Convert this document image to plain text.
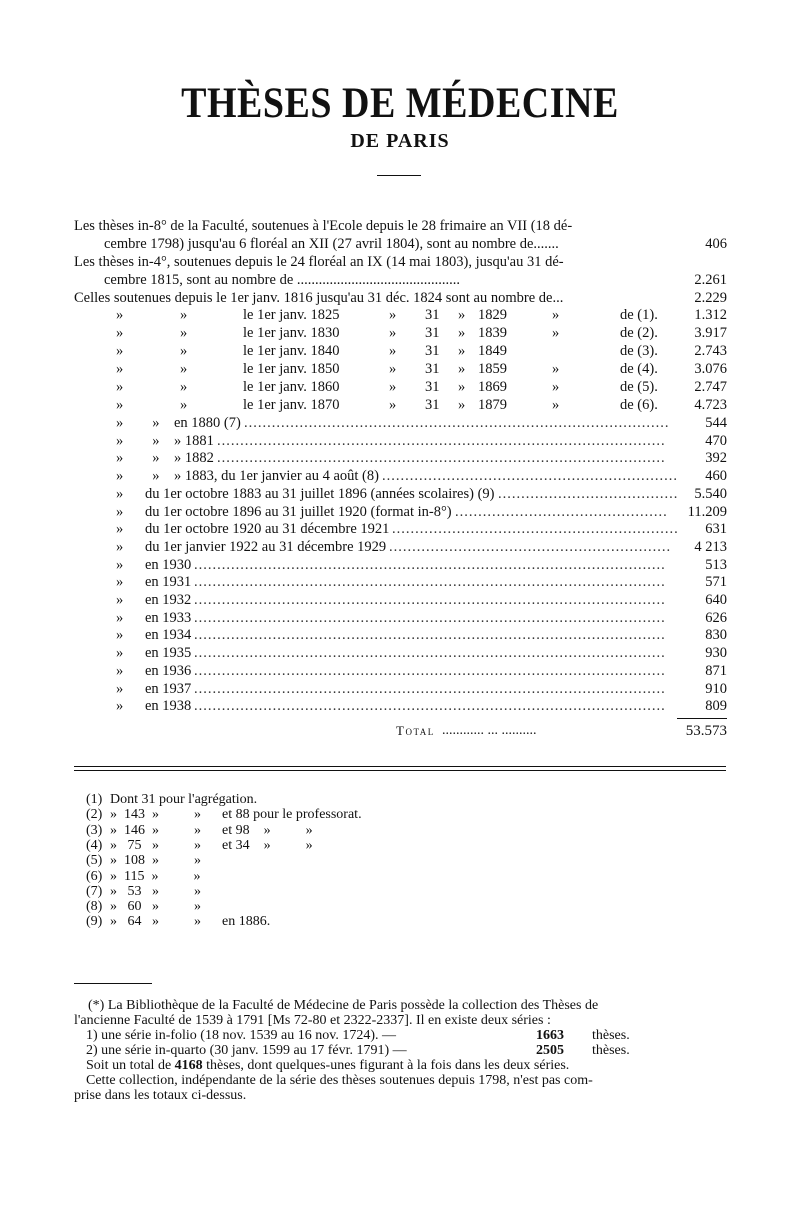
THÈSES DE MÉDECINE
DE PARIS
Les thèses in-8° de la Faculté, soutenues à l'Ecole depuis le 28 frimaire an VII (18 dé-
cembre 1798) jusqu'au 6 floréal an XII (27 avril 1804), sont au nombre de.......	406
Les thèses in-4°, soutenues depuis le 24 floréal an IX (14 mai 1803), jusqu'au 31 dé-
cembre 1815, sont au nombre de .............................................	2.261
Celles soutenues depuis le 1er janv. 1816 jusqu'au 31 déc. 1824 sont au nombre de...	2.229
»	»	le 1er janv. 1825	» 31 » 1829	»	de (1).	1.312
»	»	le 1er janv. 1830	» 31 » 1839	»	de (2).	3.917
»	»	le 1er janv. 1840	» 31 » 1849	de (3).	2.743
»	»	le 1er janv. 1850	» 31 » 1859	»	de (4).	3.076
»	»	le 1er janv. 1860	» 31 » 1869	»	de (5).	2.747
»	»	le 1er janv. 1870	» 31 » 1879	»	de (6).	4.723
»        »    en 1880 (7) ............................................................................................	544
»        »    » 1881 .................................................................................................	470
»        »    » 1882 .................................................................................................	392
»        »    » 1883, du 1er janvier au 4 août (8) ................................................................	460
»      du 1er octobre 1883 au 31 juillet 1896 (années scolaires) (9) .......................................	5.540
»      du 1er octobre 1896 au 31 juillet 1920 (format in-8°) ..............................................	11.209
»      du 1er octobre 1920 au 31 décembre 1921 ..............................................................	631
»      du 1er janvier 1922 au 31 décembre 1929 .............................................................	4 213
»      en 1930 ......................................................................................................	513
»      en 1931 ......................................................................................................	571
»      en 1932 ......................................................................................................	640
»      en 1933 ......................................................................................................	626
»      en 1934 ......................................................................................................	830
»      en 1935 ......................................................................................................	930
»      en 1936 ......................................................................................................	871
»      en 1937 ......................................................................................................	910
»      en 1938 ......................................................................................................	809
Total ............ ... ..........	53.573
(1) Dont 31 pour l'agrégation.
(2) »  143  »          »      et 88 pour le professorat.
(3) »  146  »          »      et 98    »          »
(4) »   75   »          »      et 34    »          »
(5) »  108  »          »
(6) »  115  »          »
(7) »   53   »          »
(8) »   60   »          »
(9) »   64   »          »      en 1886.
(*) La Bibliothèque de la Faculté de Médecine de Paris possède la collection des Thèses de
l'ancienne Faculté de 1539 à 1791 [Ms 72-80 et 2322-2337]. Il en existe deux séries :
1) une série in-folio (18 nov. 1539 au 16 nov. 1724). —	1663 thèses.
2) une série in-quarto (30 janv. 1599 au 17 févr. 1791) —	2505 thèses.
Soit un total de 4168 thèses, dont quelques-unes figurant à la fois dans les deux séries.
Cette collection, indépendante de la série des thèses soutenues depuis 1798, n'est pas com-
prise dans les totaux ci-dessus.
